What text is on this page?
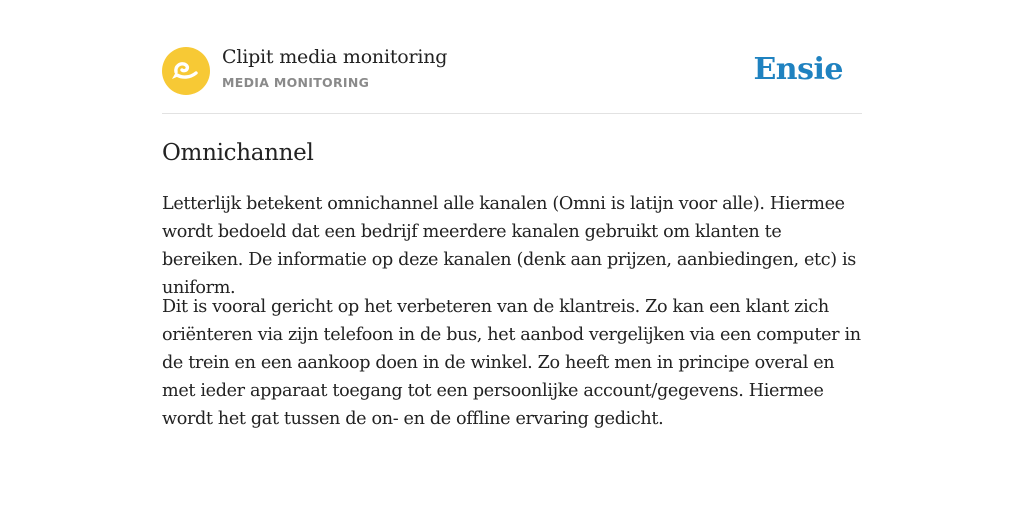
Clipit media monitoring
MEDIA MONITORING	Ensie
Omnichannel

Letterlijk betekent omnichannel alle kanalen (Omni is latijn voor alle). Hiermee wordt bedoeld dat een bedrijf meerdere kanalen gebruikt om klanten te bereiken. De informatie op deze kanalen (denk aan prijzen, aanbiedingen, etc) is uniform.

Dit is vooral gericht op het verbeteren van de klantreis. Zo kan een klant zich oriënteren via zijn telefoon in de bus, het aanbod vergelijken via een computer in de trein en een aankoop doen in de winkel. Zo heeft men in principe overal en met ieder apparaat toegang tot een persoonlijke account/gegevens. Hiermee wordt het gat tussen de on- en de offline ervaring gedicht.
